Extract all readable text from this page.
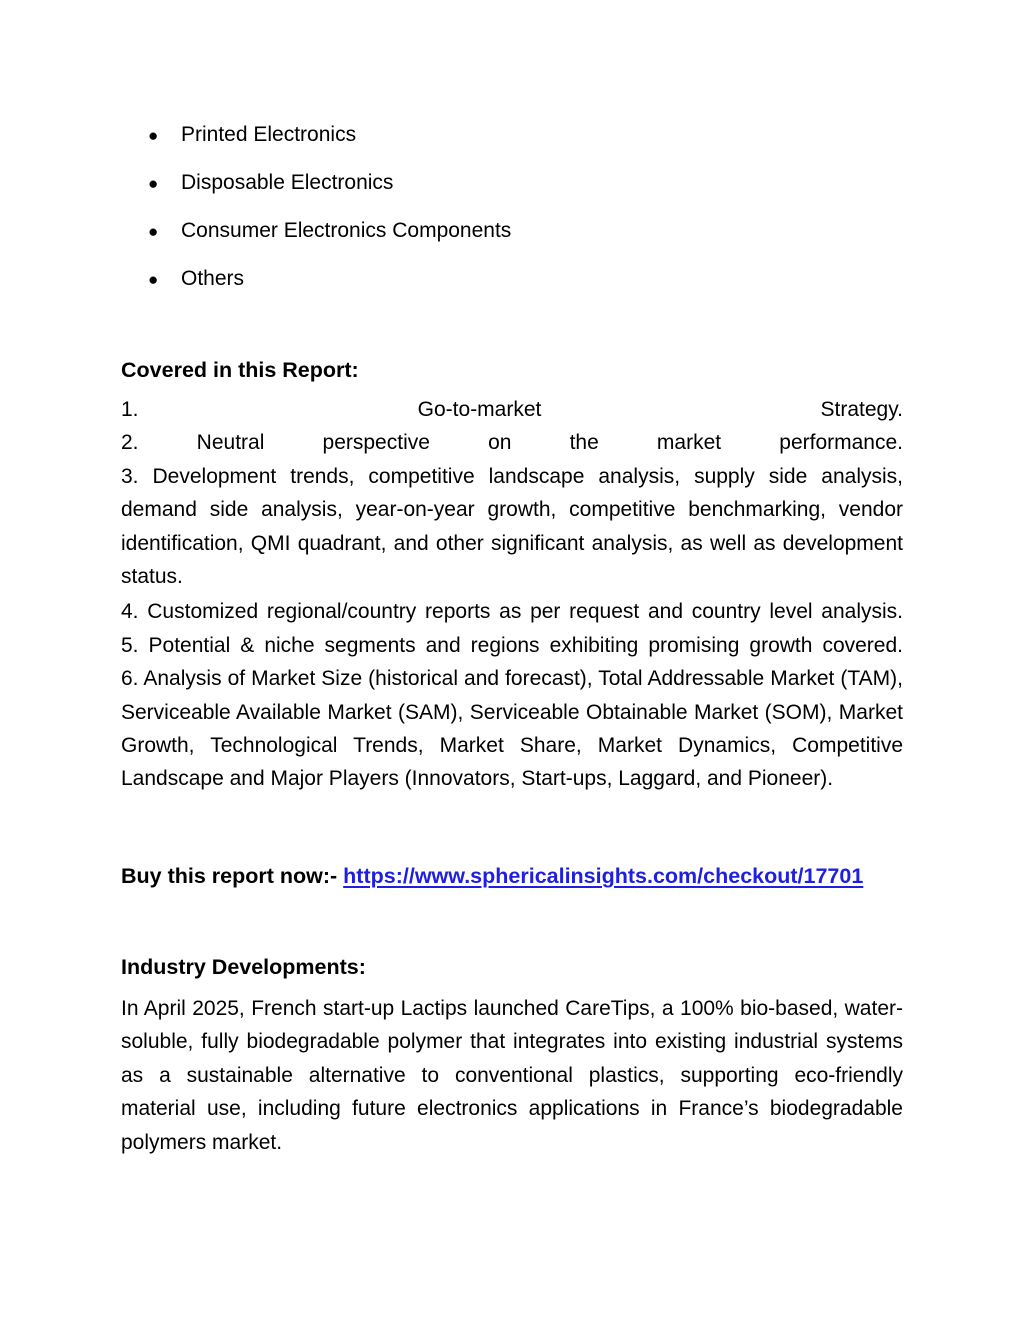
●	Printed Electronics
●	Disposable Electronics
●	Consumer Electronics Components
●	Others
Covered in this Report:
1. Go-to-market Strategy.
2. Neutral perspective on the market performance.
3. Development trends, competitive landscape analysis, supply side analysis, demand side analysis, year-on-year growth, competitive benchmarking, vendor identification, QMI quadrant, and other significant analysis, as well as development status.
4. Customized regional/country reports as per request and country level analysis.
5. Potential & niche segments and regions exhibiting promising growth covered.
6. Analysis of Market Size (historical and forecast), Total Addressable Market (TAM), Serviceable Available Market (SAM), Serviceable Obtainable Market (SOM), Market Growth, Technological Trends, Market Share, Market Dynamics, Competitive Landscape and Major Players (Innovators, Start-ups, Laggard, and Pioneer).
Buy this report now:- https://www.sphericalinsights.com/checkout/17701
Industry Developments:
In April 2025, French start-up Lactips launched CareTips, a 100% bio-based, water-soluble, fully biodegradable polymer that integrates into existing industrial systems as a sustainable alternative to conventional plastics, supporting eco-friendly material use, including future electronics applications in France’s biodegradable polymers market.
